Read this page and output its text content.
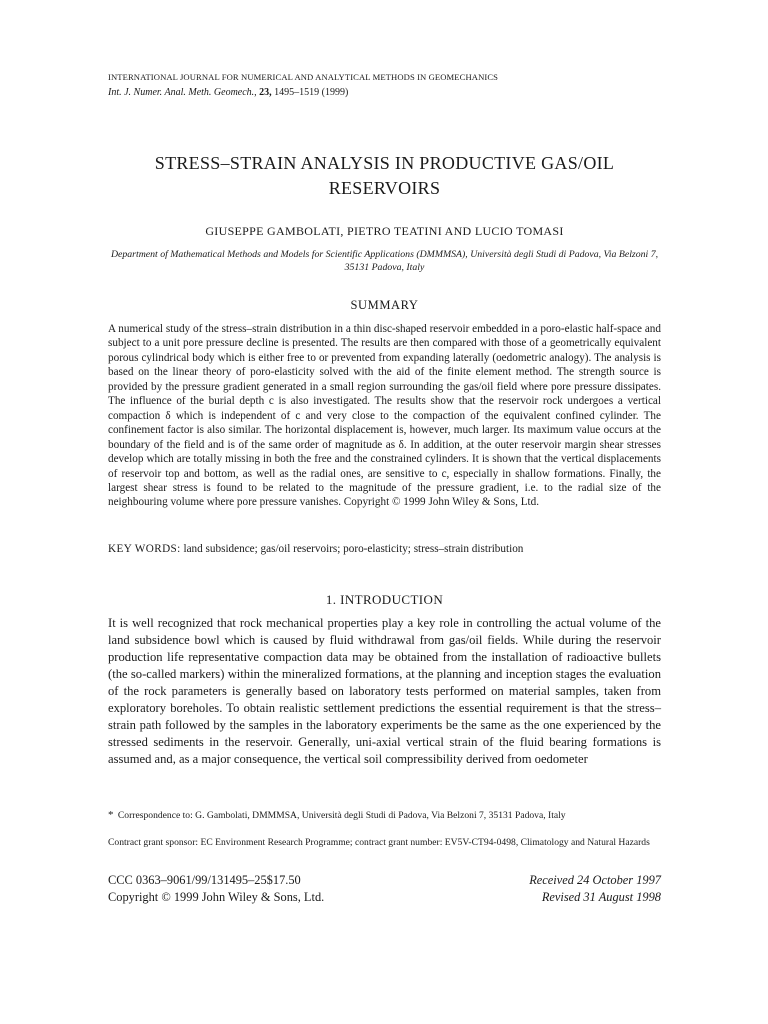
INTERNATIONAL JOURNAL FOR NUMERICAL AND ANALYTICAL METHODS IN GEOMECHANICS
Int. J. Numer. Anal. Meth. Geomech., 23, 1495–1519 (1999)
STRESS–STRAIN ANALYSIS IN PRODUCTIVE GAS/OIL RESERVOIRS
GIUSEPPE GAMBOLATI, PIETRO TEATINI AND LUCIO TOMASI
Department of Mathematical Methods and Models for Scientific Applications (DMMMSA), Università degli Studi di Padova, Via Belzoni 7, 35131 Padova, Italy
SUMMARY

A numerical study of the stress–strain distribution in a thin disc-shaped reservoir embedded in a poro-elastic half-space and subject to a unit pore pressure decline is presented. The results are then compared with those of a geometrically equivalent porous cylindrical body which is either free to or prevented from expanding laterally (oedometric analogy). The analysis is based on the linear theory of poro-elasticity solved with the aid of the finite element method. The strength source is provided by the pressure gradient generated in a small region surrounding the gas/oil field where pore pressure dissipates. The influence of the burial depth c is also investigated. The results show that the reservoir rock undergoes a vertical compaction δ which is independent of c and very close to the compaction of the equivalent confined cylinder. The confinement factor is also similar. The horizontal displacement is, however, much larger. Its maximum value occurs at the boundary of the field and is of the same order of magnitude as δ. In addition, at the outer reservoir margin shear stresses develop which are totally missing in both the free and the constrained cylinders. It is shown that the vertical displacements of reservoir top and bottom, as well as the radial ones, are sensitive to c, especially in shallow formations. Finally, the largest shear stress is found to be related to the magnitude of the pressure gradient, i.e. to the radial size of the neighbouring volume where pore pressure vanishes. Copyright © 1999 John Wiley & Sons, Ltd.

KEY WORDS: land subsidence; gas/oil reservoirs; poro-elasticity; stress–strain distribution
1. INTRODUCTION

It is well recognized that rock mechanical properties play a key role in controlling the actual volume of the land subsidence bowl which is caused by fluid withdrawal from gas/oil fields. While during the reservoir production life representative compaction data may be obtained from the installation of radioactive bullets (the so-called markers) within the mineralized formations, at the planning and inception stages the evaluation of the rock parameters is generally based on laboratory tests performed on material samples, taken from exploratory boreholes. To obtain realistic settlement predictions the essential requirement is that the stress–strain path followed by the samples in the laboratory experiments be the same as the one experienced by the stressed sediments in the reservoir. Generally, uni-axial vertical strain of the fluid bearing formations is assumed and, as a major consequence, the vertical soil compressibility derived from oedometer

* Correspondence to: G. Gambolati, DMMMSA, Università degli Studi di Padova, Via Belzoni 7, 35131 Padova, Italy
Contract grant sponsor: EC Environment Research Programme; contract grant number: EV5V-CT94-0498, Climatology and Natural Hazards
CCC 0363–9061/99/131495–25$17.50
Copyright © 1999 John Wiley & Sons, Ltd.
Received 24 October 1997
Revised 31 August 1998
